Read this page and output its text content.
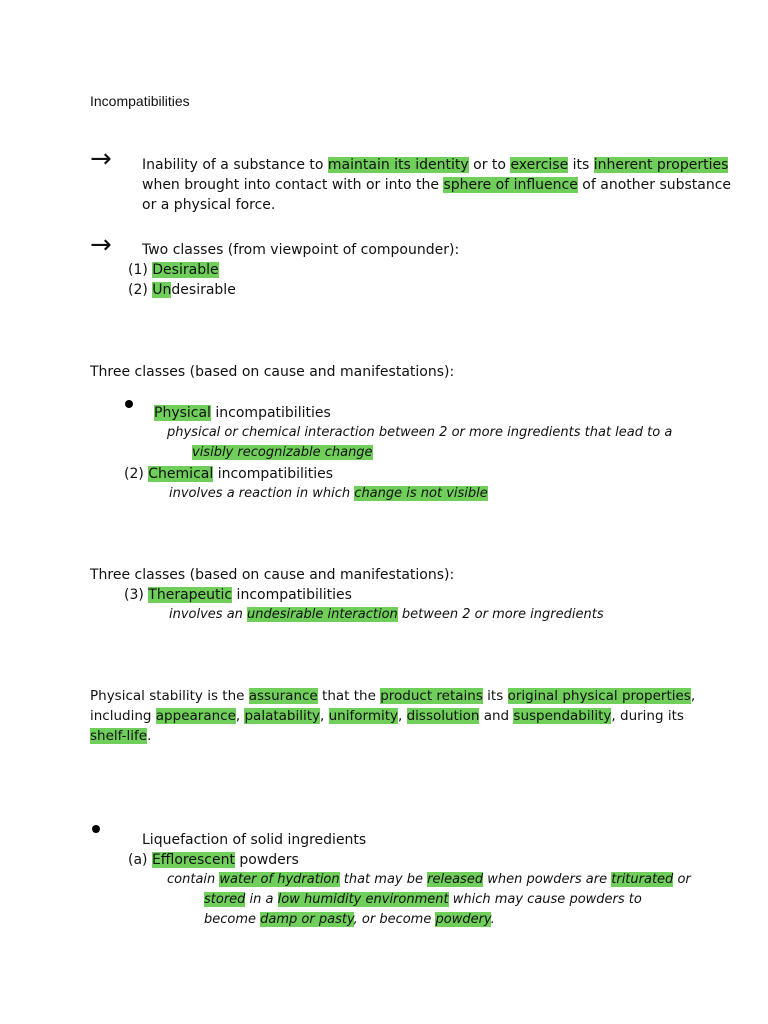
Incompatibilities
→ Inability of a substance to maintain its identity or to exercise its inherent properties
when brought into contact with or into the sphere of influence of another substance
or a physical force.
→ Two classes (from viewpoint of compounder):
(1) Desirable
(2) Undesirable
Three classes (based on cause and manifestations):
Physical incompatibilities
physical or chemical interaction between 2 or more ingredients that lead to a
visibly recognizable change
(2) Chemical incompatibilities
involves a reaction in which change is not visible
Three classes (based on cause and manifestations):
(3) Therapeutic incompatibilities
involves an undesirable interaction between 2 or more ingredients
Physical stability is the assurance that the product retains its original physical properties,
including appearance, palatability, uniformity, dissolution and suspendability, during its
shelf-life.
Liquefaction of solid ingredients
(a) Efflorescent powders
contain water of hydration that may be released when powders are triturated or
stored in a low humidity environment which may cause powders to
become damp or pasty, or become powdery.
